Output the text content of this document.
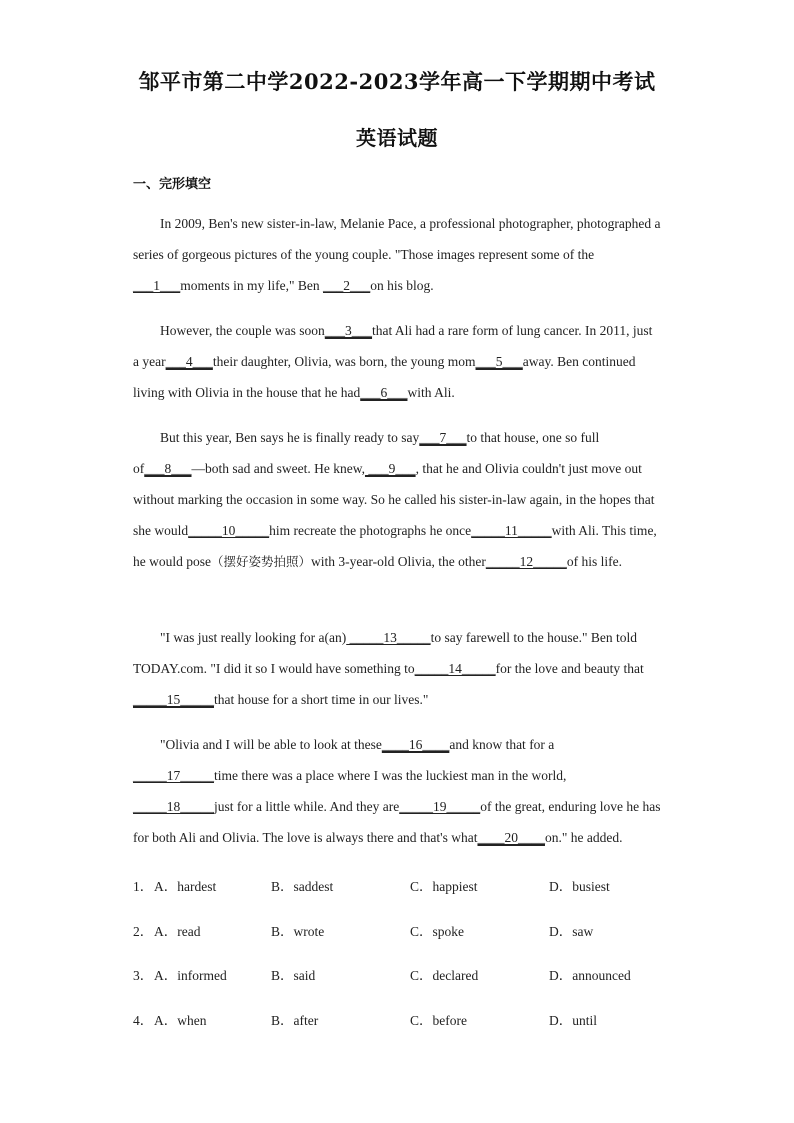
邹平市第二中学2022-2023学年高一下学期期中考试
英语试题
一、完形填空
In 2009, Ben's new sister-in-law, Melanie Pace, a professional photographer, photographed a series of gorgeous pictures of the young couple. "Those images represent some of the ___1___moments in my life," Ben ___2___on his blog.
However, the couple was soon___3___that Ali had a rare form of lung cancer. In 2011, just a year___4___their daughter, Olivia, was born, the young mom___5___away. Ben continued living with Olivia in the house that he had___6___with Ali.
But this year, Ben says he is finally ready to say___7___to that house, one so full of___8___—both sad and sweet. He knew, ___9___, that he and Olivia couldn't just move out without marking the occasion in some way. So he called his sister-in-law again, in the hopes that she would_____10_____him recreate the photographs he once_____11_____with Ali. This time, he would pose（摆好姿势拍照）with 3-year-old Olivia, the other_____12_____of his life.
"I was just really looking for a(an) _____13_____to say farewell to the house." Ben told TODAY.com. "I did it so I would have something to_____14_____for the love and beauty that _____15_____that house for a short time in our lives."
"Olivia and I will be able to look at these____16____and know that for a _____17_____time there was a place where I was the luckiest man in the world, _____18_____just for a little while. And they are_____19_____of the great, enduring love he has for both Ali and Olivia. The love is always there and that's what____20____on." he added.
1． A．hardest	B．saddest	C．happiest	D．busiest
2． A．read	B．wrote	C．spoke	D．saw
3． A．informed	B．said	C．declared	D．announced
4． A．when	B．after	C．before	D．until
